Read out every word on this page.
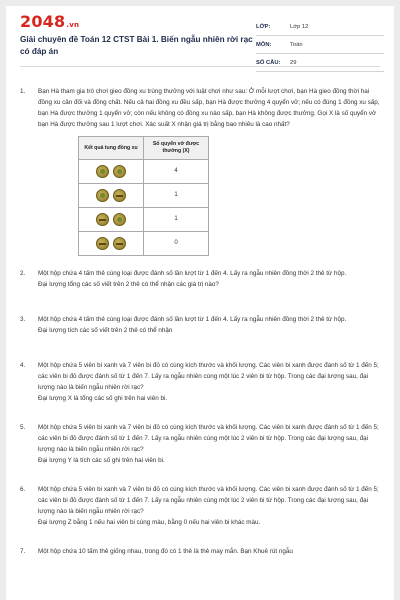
2048.vn
Giải chuyên đề Toán 12 CTST Bài 1. Biến ngẫu nhiên rời rạc có đáp án
LỚP:	Lớp 12
MÔN:	Toán
SỐ CÂU:	29
1.	Bạn Hà tham gia trò chơi gieo đồng xu trùng thưởng với luật chơi như sau: Ở mỗi lượt chơi, bạn Hà gieo đồng thời hai đồng xu cân đối và đồng chất. Nếu cả hai đồng xu đều sấp, bạn Hà được thưởng 4 quyển vở; nếu có đúng 1 đồng xu sấp, bạn Hà được thưởng 1 quyển vở; còn nếu không có đồng xu nào sấp, bạn Hà không được thưởng. Gọi X là số quyển vở bạn Hà được thưởng sau 1 lượt chơi. Xác suất X nhận giá trị bằng bao nhiêu là cao nhất?
Kết quả tung đồng xu	Số quyển vở được thưởng (X)
	4
	1
	1
	0
2.	Một hộp chứa 4 tấm thẻ cùng loại được đánh số lần lượt từ 1 đến 4. Lấy ra ngẫu nhiên đồng thời 2 thẻ từ hộp.
Đại lượng tổng các số viết trên 2 thẻ có thể nhận các giá trị nào?
3.	Một hộp chứa 4 tấm thẻ cùng loại được đánh số lần lượt từ 1 đến 4. Lấy ra ngẫu nhiên đồng thời 2 thẻ từ hộp.
Đại lượng tích các số viết trên 2 thẻ có thể nhận
4.	Một hộp chứa 5 viên bi xanh và 7 viên bi đỏ có cùng kích thước và khối lượng. Các viên bi xanh được đánh số từ 1 đến 5; các viên bi đỏ được đánh số từ 1 đến 7. Lấy ra ngẫu nhiên cùng một lúc 2 viên bi từ hộp. Trong các đại lượng sau, đại lượng nào là biến ngẫu nhiên rời rạc?
Đại lượng X là tổng các số ghi trên hai viên bi.
5.	Một hộp chứa 5 viên bi xanh và 7 viên bi đỏ có cùng kích thước và khối lượng. Các viên bi xanh được đánh số từ 1 đến 5; các viên bi đỏ được đánh số từ 1 đến 7. Lấy ra ngẫu nhiên cùng một lúc 2 viên bi từ hộp. Trong các đại lượng sau, đại lượng nào là biến ngẫu nhiên rời rạc?
Đại lượng Y là tích các số ghi trên hai viên bi.
6.	Một hộp chứa 5 viên bi xanh và 7 viên bi đỏ có cùng kích thước và khối lượng. Các viên bi xanh được đánh số từ 1 đến 5; các viên bi đỏ được đánh số từ 1 đến 7. Lấy ra ngẫu nhiên cùng một lúc 2 viên bi từ hộp. Trong các đại lượng sau, đại lượng nào là biến ngẫu nhiên rời rạc?
Đại lượng Z bằng 1 nếu hai viên bi cùng màu, bằng 0 nếu hai viên bi khác màu.
7.	Một hộp chứa 10 tấm thẻ giống nhau, trong đó có 1 thẻ là thẻ may mắn. Bạn Khuê rút ngẫu
